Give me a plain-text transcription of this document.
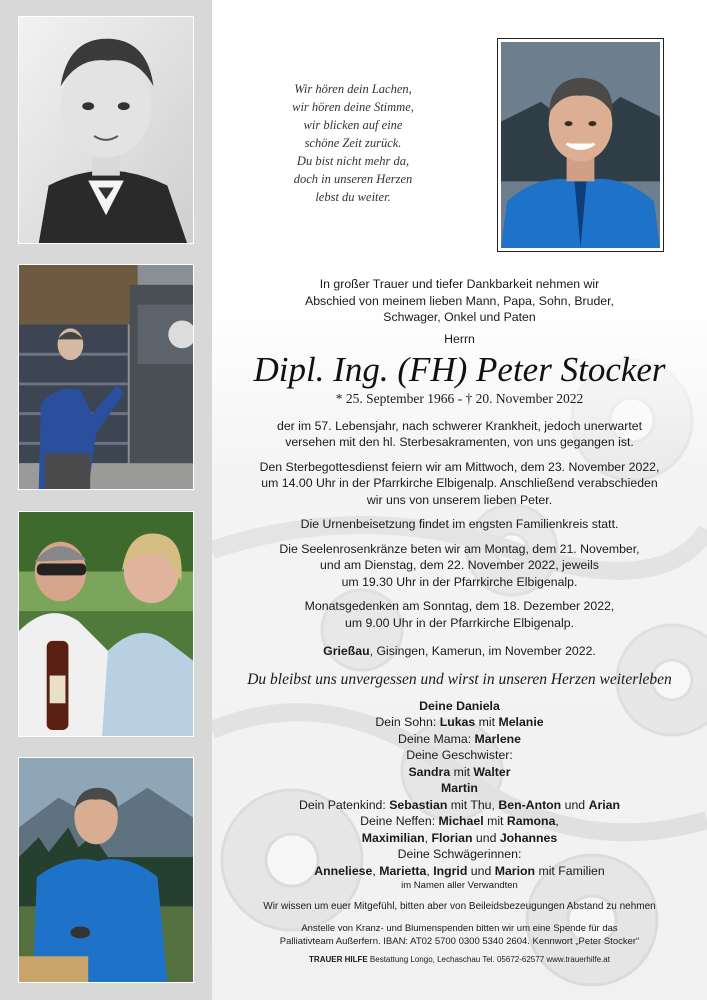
Wir hören dein Lachen,
wir hören deine Stimme,
wir blicken auf eine
schöne Zeit zurück.
Du bist nicht mehr da,
doch in unseren Herzen
lebst du weiter.

In großer Trauer und tiefer Dankbarkeit nehmen wir
Abschied von meinem lieben Mann, Papa, Sohn, Bruder,
Schwager, Onkel und Paten

Herrn

Dipl. Ing. (FH) Peter Stocker

* 25. September 1966 - † 20. November 2022

der im 57. Lebensjahr, nach schwerer Krankheit, jedoch unerwartet
versehen mit den hl. Sterbesakramenten, von uns gegangen ist.

Den Sterbegottesdienst feiern wir am Mittwoch, dem 23. November 2022,
um 14.00 Uhr in der Pfarrkirche Elbigenalp. Anschließend verabschieden
wir uns von unserem lieben Peter.

Die Urnenbeisetzung findet im engsten Familienkreis statt.

Die Seelenrosenkränze beten wir am Montag, dem 21. November,
und am Dienstag, dem 22. November 2022, jeweils
um 19.30 Uhr in der Pfarrkirche Elbigenalp.

Monatsgedenken am Sonntag, dem 18. Dezember 2022,
um 9.00 Uhr in der Pfarrkirche Elbigenalp.

Grießau, Gisingen, Kamerun, im November 2022.

Du bleibst uns unvergessen und wirst in unseren Herzen weiterleben

Deine Daniela

Dein Sohn: Lukas mit Melanie

Deine Mama: Marlene

Deine Geschwister:

Sandra mit Walter

Martin

Dein Patenkind: Sebastian mit Thu, Ben-Anton und Arian

Deine Neffen: Michael mit Ramona,

Maximilian, Florian und Johannes

Deine Schwägerinnen:

Anneliese, Marietta, Ingrid und Marion mit Familien

im Namen aller Verwandten

Wir wissen um euer Mitgefühl, bitten aber von Beileidsbezeugungen Abstand zu nehmen

Anstelle von Kranz- und Blumenspenden bitten wir um eine Spende für das
Palliativteam Außerfern. IBAN: AT02 5700 0300 5340 2604. Kennwort „Peter Stocker“

TRAUER HILFE Bestattung Longo, Lechaschau Tel. 05672-62577 www.trauerhilfe.at
